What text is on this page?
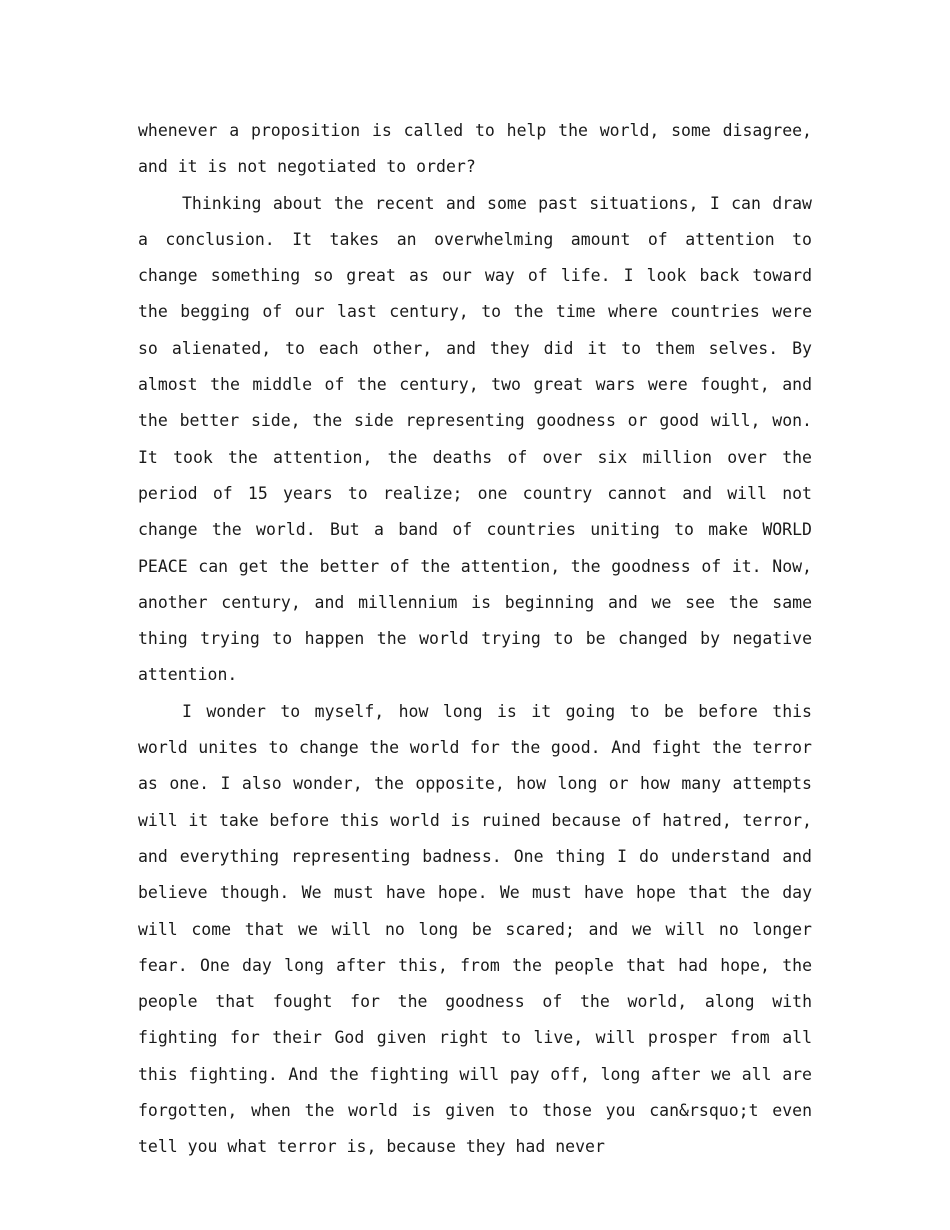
whenever a proposition is called to help the world, some disagree, and it is not negotiated to order?

Thinking about the recent and some past situations, I can draw a conclusion. It takes an overwhelming amount of attention to change something so great as our way of life. I look back toward the begging of our last century, to the time where countries were so alienated, to each other, and they did it to them selves. By almost the middle of the century, two great wars were fought, and the better side, the side representing goodness or good will, won. It took the attention, the deaths of over six million over the period of 15 years to realize; one country cannot and will not change the world. But a band of countries uniting to make WORLD PEACE can get the better of the attention, the goodness of it. Now, another century, and millennium is beginning and we see the same thing trying to happen the world trying to be changed by negative attention.

I wonder to myself, how long is it going to be before this world unites to change the world for the good. And fight the terror as one. I also wonder, the opposite, how long or how many attempts will it take before this world is ruined because of hatred, terror, and everything representing badness. One thing I do understand and believe though. We must have hope. We must have hope that the day will come that we will no long be scared; and we will no longer fear. One day long after this, from the people that had hope, the people that fought for the goodness of the world, along with fighting for their God given right to live, will prosper from all this fighting. And the fighting will pay off, long after we all are forgotten, when the world is given to those you can&rsquo;t even tell you what terror is, because they had never
